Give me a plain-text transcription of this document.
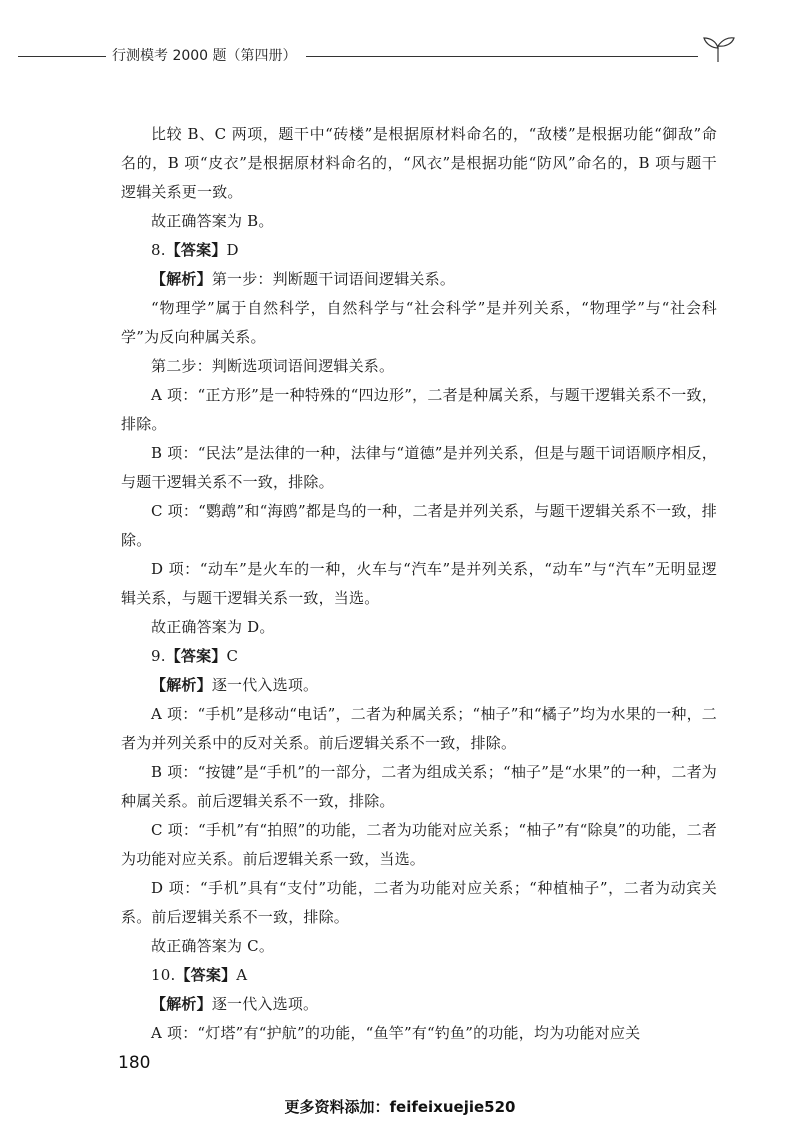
行测模考 2000 题（第四册）

比较 B、C 两项，题干中“砖楼”是根据原材料命名的，“敌楼”是根据功能“御敌”命名的，B 项“皮衣”是根据原材料命名的，“风衣”是根据功能“防风”命名的，B 项与题干逻辑关系更一致。

故正确答案为 B。

8.【答案】D

【解析】第一步：判断题干词语间逻辑关系。

“物理学”属于自然科学，自然科学与“社会科学”是并列关系，“物理学”与“社会科学”为反向种属关系。

第二步：判断选项词语间逻辑关系。

A 项：“正方形”是一种特殊的“四边形”，二者是种属关系，与题干逻辑关系不一致，排除。

B 项：“民法”是法律的一种，法律与“道德”是并列关系，但是与题干词语顺序相反，与题干逻辑关系不一致，排除。

C 项：“鹦鹉”和“海鸥”都是鸟的一种，二者是并列关系，与题干逻辑关系不一致，排除。

D 项：“动车”是火车的一种，火车与“汽车”是并列关系，“动车”与“汽车”无明显逻辑关系，与题干逻辑关系一致，当选。

故正确答案为 D。

9.【答案】C

【解析】逐一代入选项。

A 项：“手机”是移动“电话”，二者为种属关系；“柚子”和“橘子”均为水果的一种，二者为并列关系中的反对关系。前后逻辑关系不一致，排除。

B 项：“按键”是“手机”的一部分，二者为组成关系；“柚子”是“水果”的一种，二者为种属关系。前后逻辑关系不一致，排除。

C 项：“手机”有“拍照”的功能，二者为功能对应关系；“柚子”有“除臭”的功能，二者为功能对应关系。前后逻辑关系一致，当选。

D 项：“手机”具有“支付”功能，二者为功能对应关系；“种植柚子”，二者为动宾关系。前后逻辑关系不一致，排除。

故正确答案为 C。

10.【答案】A

【解析】逐一代入选项。

A 项：“灯塔”有“护航”的功能，“鱼竿”有“钓鱼”的功能，均为功能对应关

180
更多资料添加：feifeixuejie520
